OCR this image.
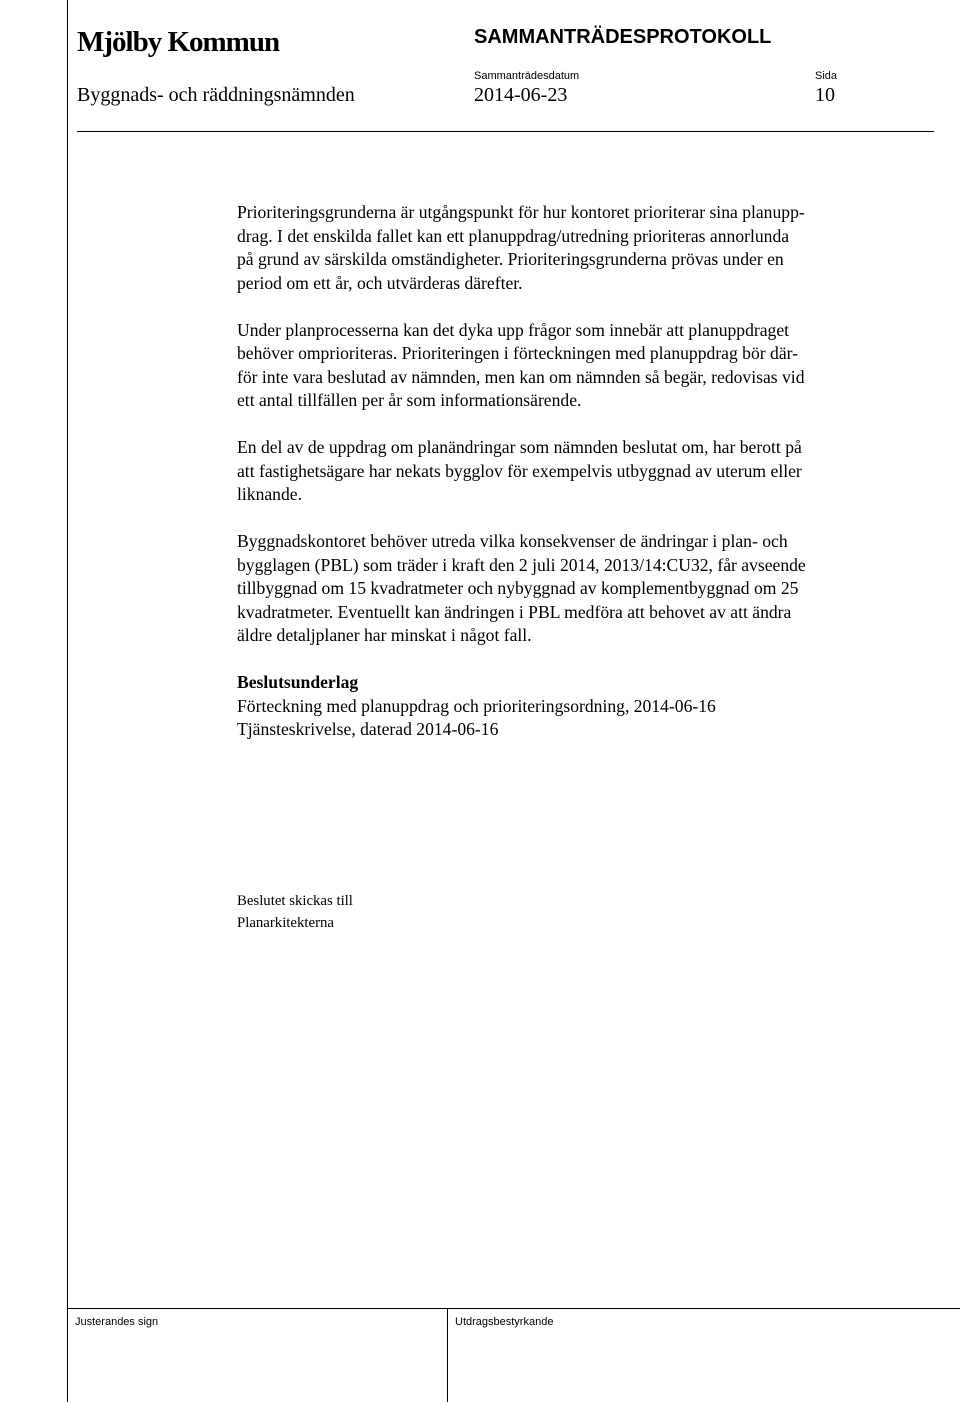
Mjölby Kommun	SAMMANTRÄDESPROTOKOLL
Byggnads- och räddningsnämnden
Sammanträdesdatum
2014-06-23
Sida
10

Prioriteringsgrunderna är utgångspunkt för hur kontoret prioriterar sina planupp-
drag. I det enskilda fallet kan ett planuppdrag/utredning prioriteras annorlunda
på grund av särskilda omständigheter. Prioriteringsgrunderna prövas under en
period om ett år, och utvärderas därefter.

Under planprocesserna kan det dyka upp frågor som innebär att planuppdraget
behöver omprioriteras. Prioriteringen i förteckningen med planuppdrag bör där-
för inte vara beslutad av nämnden, men kan om nämnden så begär, redovisas vid
ett antal tillfällen per år som informationsärende.

En del av de uppdrag om planändringar som nämnden beslutat om, har berott på
att fastighetsägare har nekats bygglov för exempelvis utbyggnad av uterum eller
liknande.

Byggnadskontoret behöver utreda vilka konsekvenser de ändringar i plan- och
bygglagen (PBL) som träder i kraft den 2 juli 2014, 2013/14:CU32, får avseende
tillbyggnad om 15 kvadratmeter och nybyggnad av komplementbyggnad om 25
kvadratmeter. Eventuellt kan ändringen i PBL medföra att behovet av att ändra
äldre detaljplaner har minskat i något fall.

Beslutsunderlag
Förteckning med planuppdrag och prioriteringsordning, 2014-06-16
Tjänsteskrivelse, daterad 2014-06-16

Beslutet skickas till
Planarkitekterna
Justerandes sign	Utdragsbestyrkande
